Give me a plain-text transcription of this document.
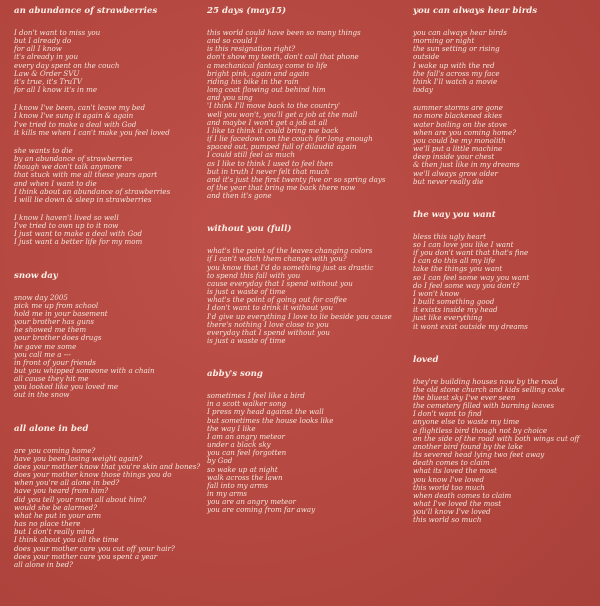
an abundance of strawberries
I don't want to miss you
but I already do
for all I know
it's already in you
every day spent on the couch
Law & Order SVU
it's true, it's TruTV
for all I know it's in me
I know I've been, can't leave my bed
I know I've sung it again & again
I've tried to make a deal with God
it kills me when I can't make you feel loved
she wants to die
by an abundance of strawberries
though we don't talk anymore
that stuck with me all these years apart
and when I want to die
I think about an abundance of strawberries
I will lie down & sleep in strawberries
I know I haven't lived so well
I've tried to own up to it now
I just want to make a deal with God
I just want a better life for my mom
snow day
snow day 2005
pick me up from school
hold me in your basement
your brother has guns
he showed me them
your brother does drugs
he gave me some
you call me a ---
in front of your friends
but you whipped someone with a chain
all cause they hit me
you looked like you loved me
out in the snow
all alone in bed
are you coming home?
have you been losing weight again?
does your mother know that you're skin and bones?
does your mother know those things you do
when you're all alone in bed?
have you heard from him?
did you tell your mom all about him?
would she be alarmed?
what he put in your arm
has no place there
but I don't really mind
I think about you all the time
does your mother care you cut off your hair?
does your mother care you spent a year
all alone in bed?
25 days (may15)
this world could have been so many things
and so could I
is this resignation right?
don't show my teeth, don't call that phone
a mechanical fantasy come to life
bright pink, again and again
riding his bike in the rain
long coat flowing out behind him
and you sing
'I think I'll move back to the country'
well you won't, you'll get a job at the mall
and maybe I won't get a job at all
I like to think it could bring me back
if I lie facedown on the couch for long enough
spaced out, pumped full of dilaudid again
I could still feel as much
as I like to think I used to feel then
but in truth I never felt that much
and it's just the first twenty five or so spring days
of the year that bring me back there now
and then it's gone
without you (full)
what's the point of the leaves changing colors
if I can't watch them change with you?
you know that I'd do something just as drastic
to spend this fall with you
cause everyday that I spend without you
is just a waste of time
what's the point of going out for coffee
I don't want to drink it without you
I'd give up everything I love to lie beside you cause
there's nothing I love close to you
everyday that I spend without you
is just a waste of time
abby's song
sometimes I feel like a bird
in a scott walker song
I press my head against the wall
but sometimes the house looks like
the way I like
I am an angry meteor
under a black sky
you can feel forgotten
by God
so wake up at night
walk across the lawn
fall into my arms
in my arms
you are an angry meteor
you are coming from far away
you can always hear birds
you can always hear birds
morning or night
the sun setting or rising
outside
I wake up with the red
the fall's across my face
think I'll watch a movie
today
summer storms are gone
no more blackened skies
water boiling on the stove
when are you coming home?
you could be my monolith
we'll put a little machine
deep inside your chest
& then just like in my dreams
we'll always grow older
but never really die
the way you want
bless this ugly heart
so I can love you like I want
if you don't want that that's fine
I can do this all my life
take the things you want
so I can feel some way you want
do I feel some way you don't?
I won't know
I built something good
it exists inside my head
just like everything
it wont exist outside my dreams
loved
they're building houses now by the road
the old stone church and kids selling coke
the bluest sky I've ever seen
the cemetery filled with burning leaves
I don't want to find
anyone else to waste my time
a flightless bird though not by choice
on the side of the road with both wings cut off
another bird found by the lake
its severed head lying two feet away
death comes to claim
what its loved the most
you know I've loved
this world too much
when death comes to claim
what I've loved the most
you'll know I've loved
this world so much
